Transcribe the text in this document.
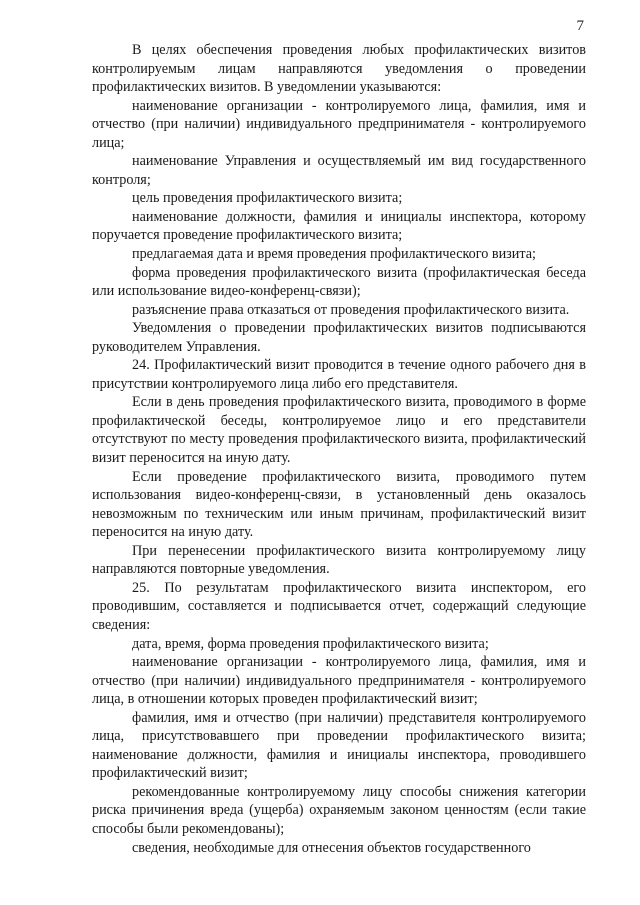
7

В целях обеспечения проведения любых профилактических визитов контролируемым лицам направляются уведомления о проведении профилактических визитов. В уведомлении указываются:

наименование организации - контролируемого лица, фамилия, имя и отчество (при наличии) индивидуального предпринимателя - контролируемого лица;

наименование Управления и осуществляемый им вид государственного контроля;

цель проведения профилактического визита;

наименование должности, фамилия и инициалы инспектора, которому поручается проведение профилактического визита;

предлагаемая дата и время проведения профилактического визита;

форма проведения профилактического визита (профилактическая беседа или использование видео-конференц-связи);

разъяснение права отказаться от проведения профилактического визита.

Уведомления о проведении профилактических визитов подписываются руководителем Управления.

24. Профилактический визит проводится в течение одного рабочего дня в присутствии контролируемого лица либо его представителя.

Если в день проведения профилактического визита, проводимого в форме профилактической беседы, контролируемое лицо и его представители отсутствуют по месту проведения профилактического визита, профилактический визит переносится на иную дату.

Если проведение профилактического визита, проводимого путем использования видео-конференц-связи, в установленный день оказалось невозможным по техническим или иным причинам, профилактический визит переносится на иную дату.

При перенесении профилактического визита контролируемому лицу направляются повторные уведомления.

25. По результатам профилактического визита инспектором, его проводившим, составляется и подписывается отчет, содержащий следующие сведения:

дата, время, форма проведения профилактического визита;

наименование организации - контролируемого лица, фамилия, имя и отчество (при наличии) индивидуального предпринимателя - контролируемого лица, в отношении которых проведен профилактический визит;

фамилия, имя и отчество (при наличии) представителя контролируемого лица, присутствовавшего при проведении профилактического визита; наименование должности, фамилия и инициалы инспектора, проводившего профилактический визит;

рекомендованные контролируемому лицу способы снижения категории риска причинения вреда (ущерба) охраняемым законом ценностям (если такие способы были рекомендованы);

сведения, необходимые для отнесения объектов государственного
